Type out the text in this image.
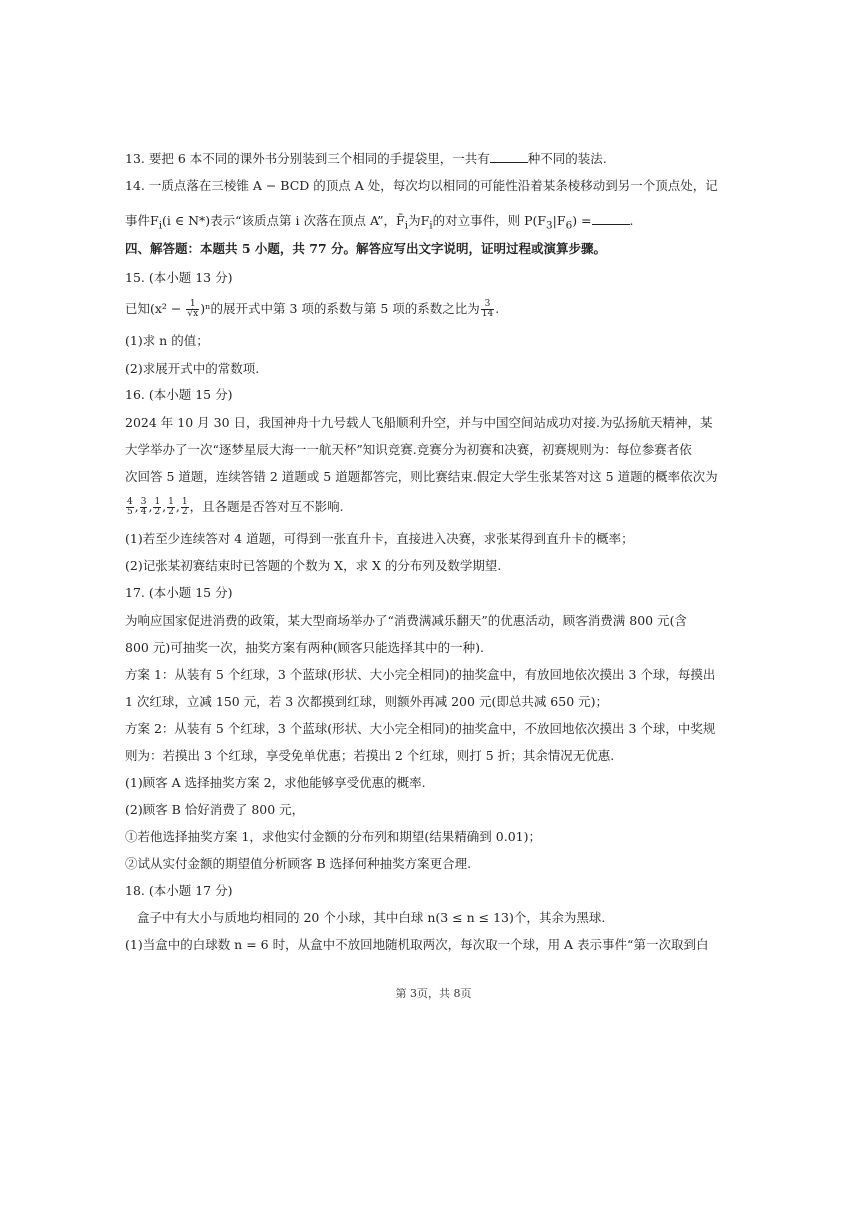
13. 要把 6 本不同的课外书分别装到三个相同的手提袋里，一共有	种不同的装法.
14. 一质点落在三棱锥 A − BCD 的顶点 A 处，每次均以相同的可能性沿着某条棱移动到另一个顶点处，记
事件$F_i(i$ ∈ N*)表示“该质点第 i 次落在顶点 A”，$F̄_i$为$F_i$的对立事件，则 $P(F_3|F_6)$ =	.
四、解答题：本题共 5 小题，共 77 分。解答应写出文字说明，证明过程或演算步骤。
15. (本小题 13 分)
已知$(x^2 - \frac{1}{√x} )^n$的展开式中第 3 项的系数与第 5 项的系数之比为 $\frac{3}{14}$ .
(1)求 n 的值；
(2)求展开式中的常数项.
16. (本小题 15 分)
2024 年 10 月 30 日，我国神舟十九号载人飞船顺利升空，并与中国空间站成功对接.为弘扬航天精神，某
大学举办了一次“逐梦星辰大海一一航天杯”知识竞赛.竞赛分为初赛和决赛，初赛规则为：每位参赛者依
次回答 5 道题，连续答错 2 道题或 5 道题都答完，则比赛结束.假定大学生张某答对这 5 道题的概率依次为
$\frac{4}{5}$ , $\frac{3}{4}$ , $\frac{1}{2}$ , $\frac{1}{2}$ , $\frac{1}{2}$ ，且各题是否答对互不影响.
(1)若至少连续答对 4 道题，可得到一张直升卡，直接进入决赛，求张某得到直升卡的概率；
(2)记张某初赛结束时已答题的个数为 X，求 X 的分布列及数学期望.
17. (本小题 15 分)
为响应国家促进消费的政策，某大型商场举办了“消费满减乐翻天”的优惠活动，顾客消费满 800 元(含
800 元)可抽奖一次，抽奖方案有两种(顾客只能选择其中的一种).
方案 1：从装有 5 个红球，3 个蓝球(形状、大小完全相同)的抽奖盒中，有放回地依次摸出 3 个球，每摸出
1 次红球，立减 150 元，若 3 次都摸到红球，则额外再减 200 元(即总共减 650 元)；
方案 2：从装有 5 个红球，3 个蓝球(形状、大小完全相同)的抽奖盒中，不放回地依次摸出 3 个球，中奖规
则为：若摸出 3 个红球，享受免单优惠；若摸出 2 个红球，则打 5 折；其余情况无优惠.
(1)顾客 A 选择抽奖方案 2，求他能够享受优惠的概率.
(2)顾客 B 恰好消费了 800 元，
①若他选择抽奖方案 1，求他实付金额的分布列和期望(结果精确到 0.01)；
②试从实付金额的期望值分析顾客 B 选择何种抽奖方案更合理.
18. (本小题 17 分)
盒子中有大小与质地均相同的 20 个小球，其中白球 n(3 ≤ n ≤ 13)个，其余为黑球.
(1)当盒中的白球数 n = 6 时，从盒中不放回地随机取两次，每次取一个球，用 A 表示事件“第一次取到白
第 3页，共 8页
